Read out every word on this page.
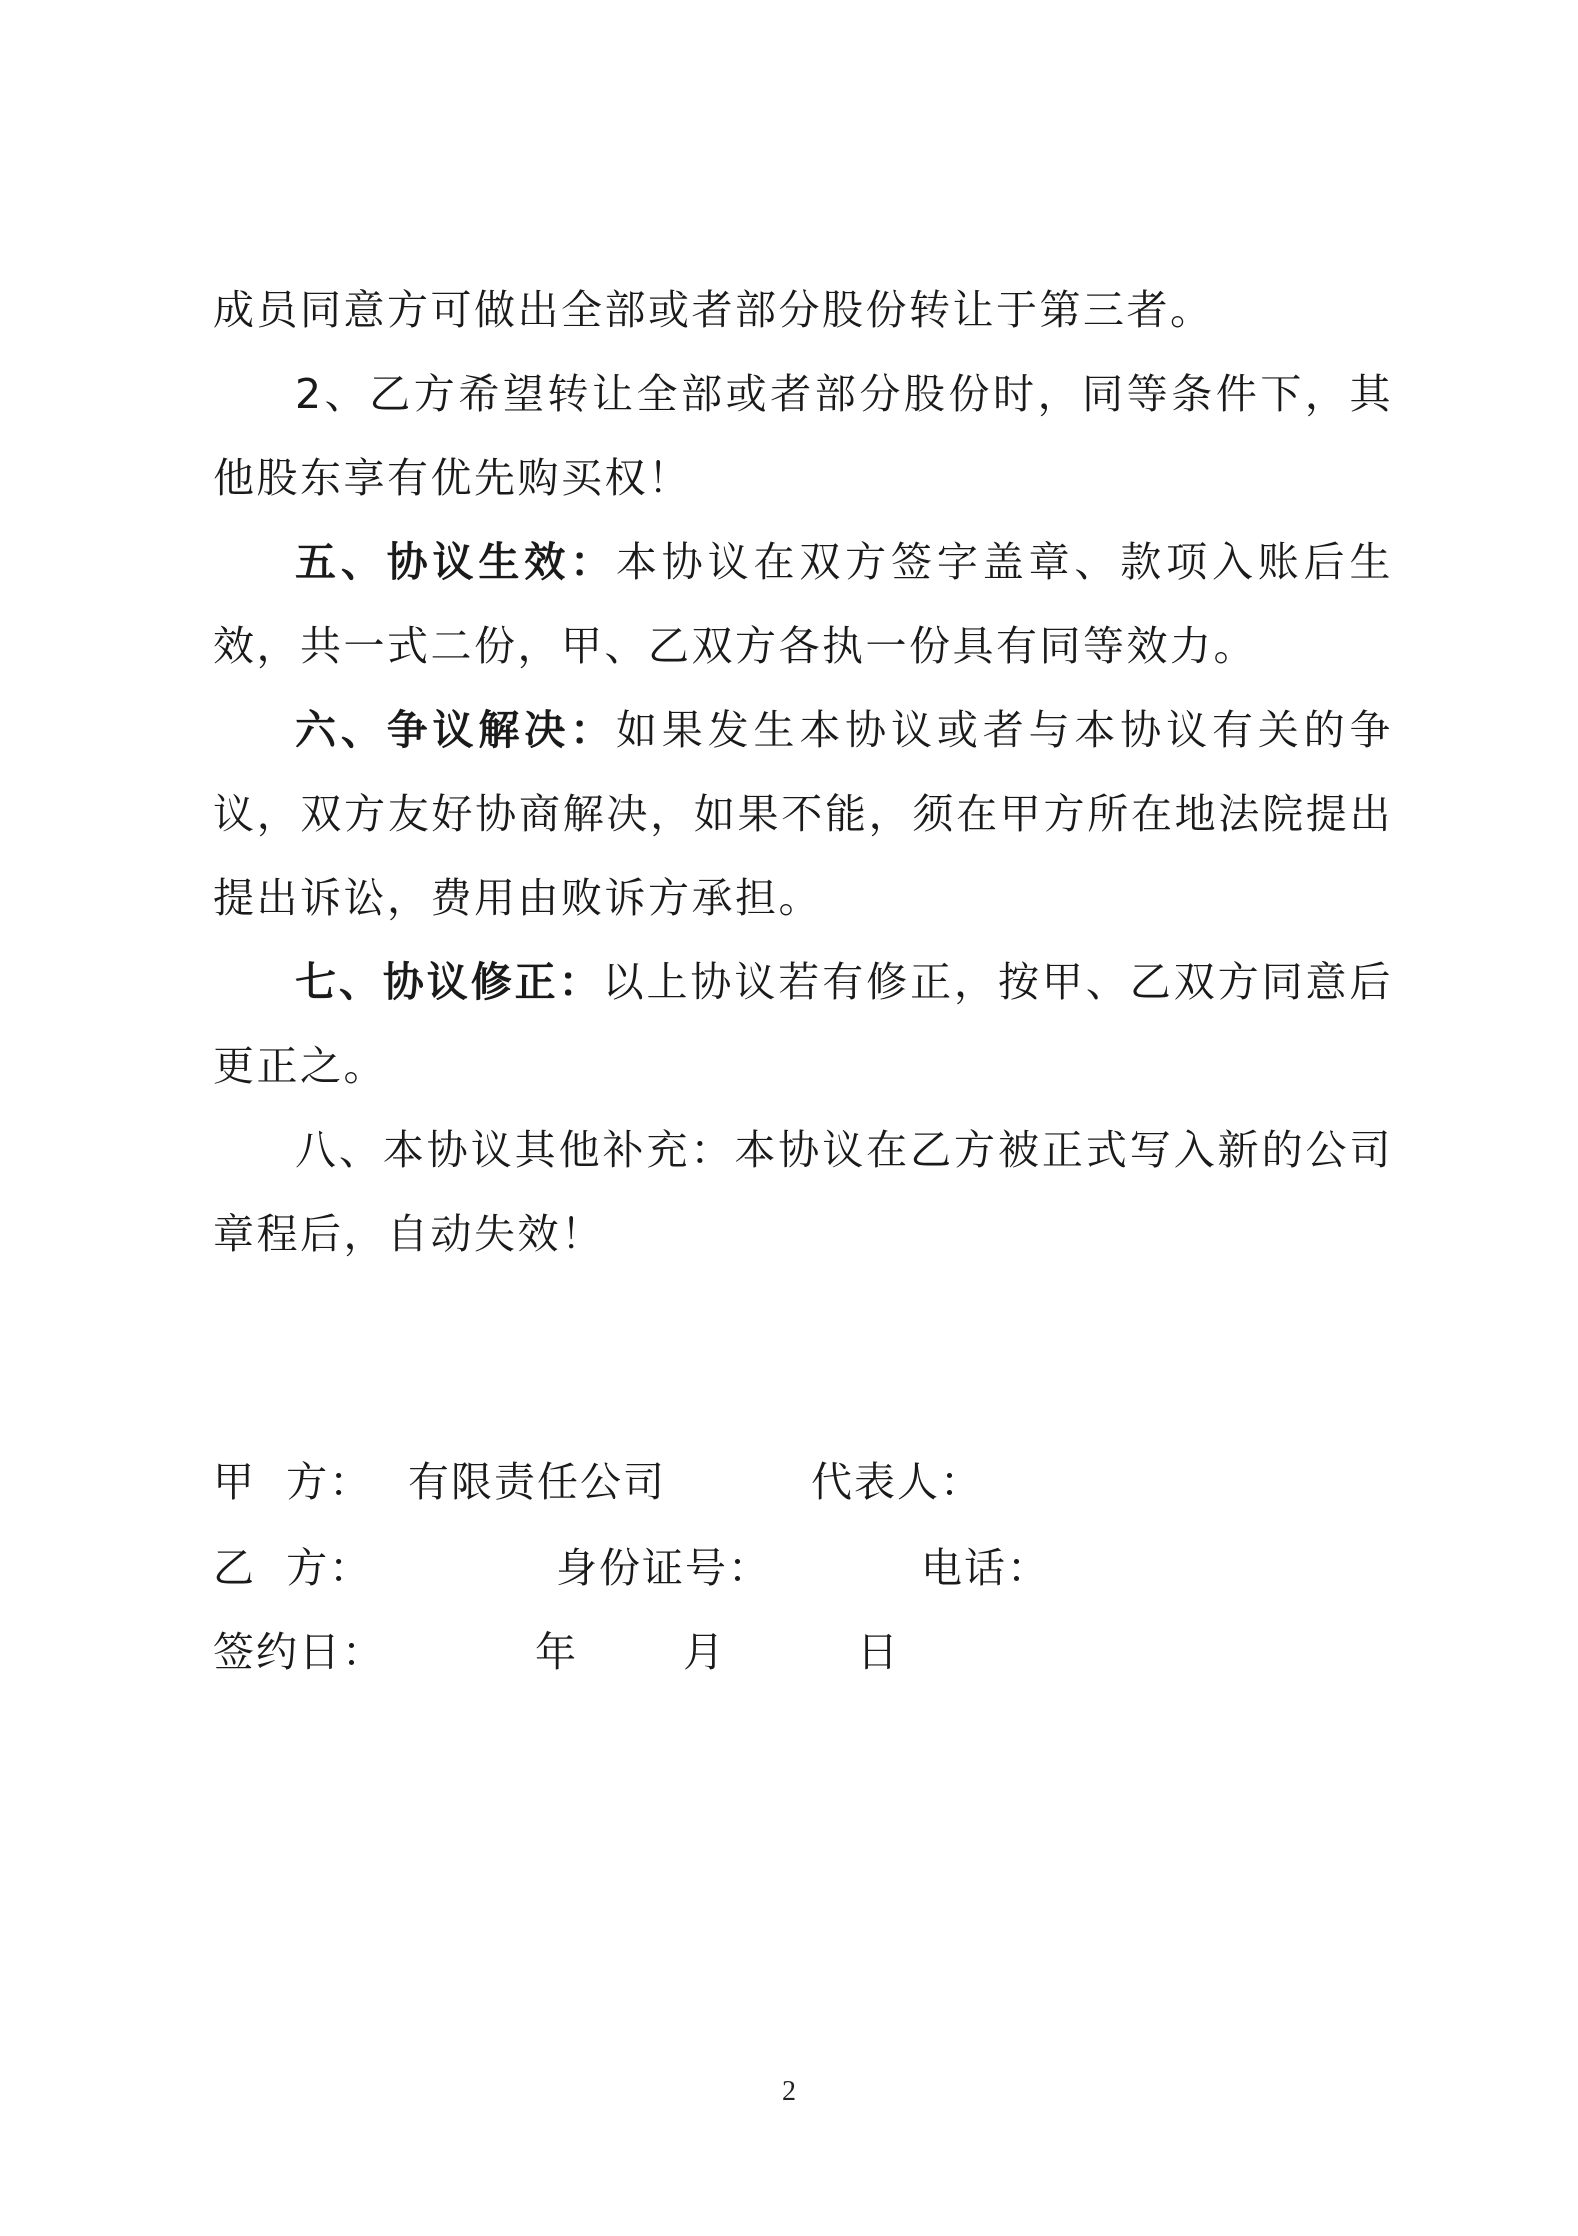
成员同意方可做出全部或者部分股份转让于第三者。

2、乙方希望转让全部或者部分股份时，同等条件下，其他股东享有优先购买权！

五、协议生效：本协议在双方签字盖章、款项入账后生效，共一式二份，甲、乙双方各执一份具有同等效力。

六、争议解决：如果发生本协议或者与本协议有关的争议，双方友好协商解决，如果不能，须在甲方所在地法院提出提出诉讼，费用由败诉方承担。

七、协议修正：以上协议若有修正，按甲、乙双方同意后更正之。

八、本协议其他补充：本协议在乙方被正式写入新的公司章程后，自动失效！

甲  方： 有限责任公司	代表人：
乙  方：	身份证号：	电话：
签约日：	年	月	日
2
